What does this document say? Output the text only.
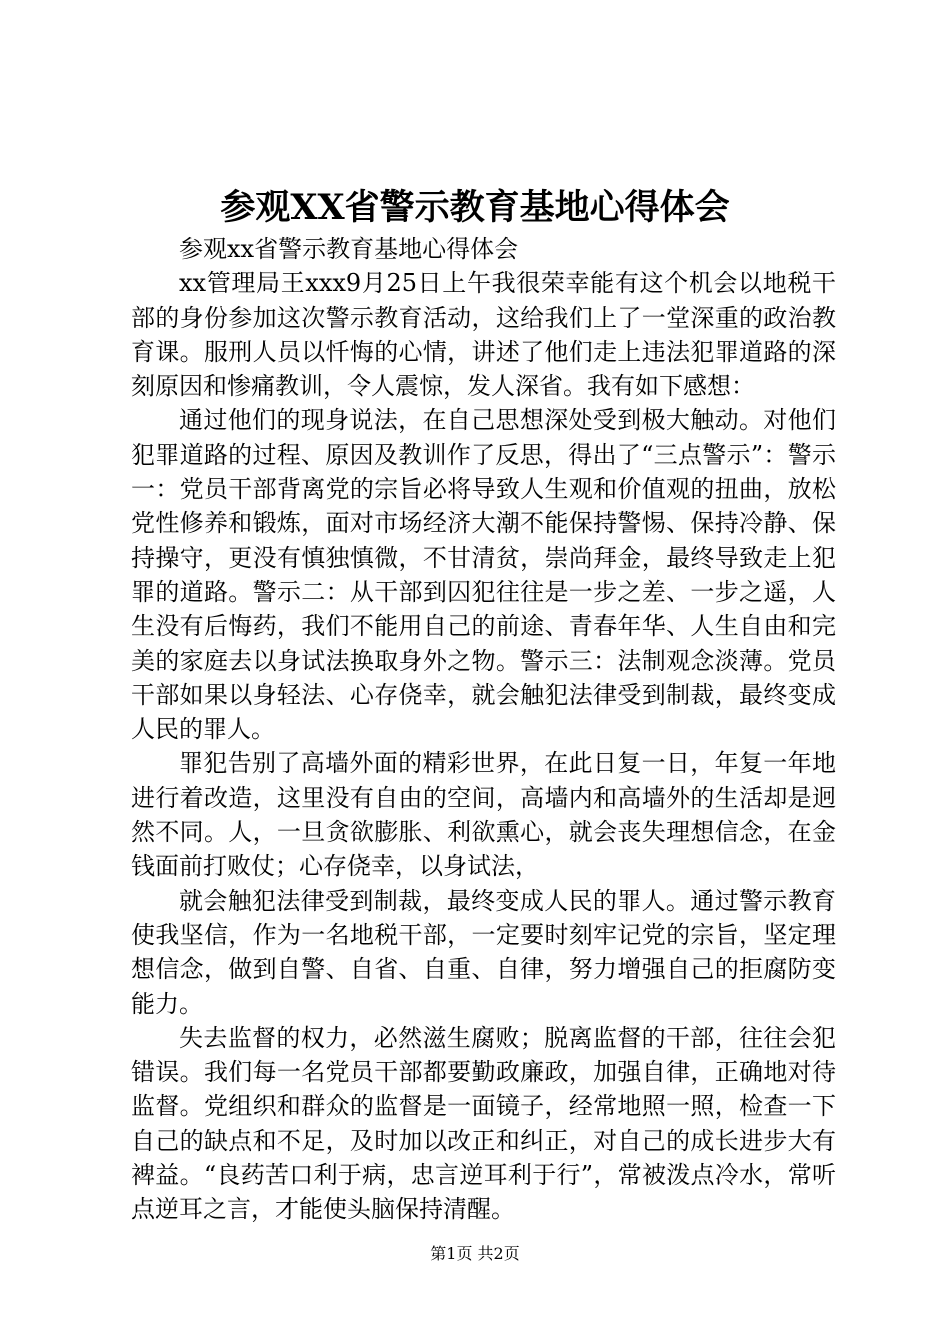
参观XX省警示教育基地心得体会

参观xx省警示教育基地心得体会

xx管理局王xxx9月25日上午我很荣幸能有这个机会以地税干部的身份参加这次警示教育活动，这给我们上了一堂深重的政治教育课。服刑人员以忏悔的心情，讲述了他们走上违法犯罪道路的深刻原因和惨痛教训，令人震惊，发人深省。我有如下感想：

通过他们的现身说法，在自己思想深处受到极大触动。对他们犯罪道路的过程、原因及教训作了反思，得出了“三点警示”：警示一：党员干部背离党的宗旨必将导致人生观和价值观的扭曲，放松党性修养和锻炼，面对市场经济大潮不能保持警惕、保持冷静、保持操守，更没有慎独慎微，不甘清贫，崇尚拜金，最终导致走上犯罪的道路。警示二：从干部到囚犯往往是一步之差、一步之遥，人生没有后悔药，我们不能用自己的前途、青春年华、人生自由和完美的家庭去以身试法换取身外之物。警示三：法制观念淡薄。党员干部如果以身轻法、心存侥幸，就会触犯法律受到制裁，最终变成人民的罪人。

罪犯告别了高墙外面的精彩世界，在此日复一日，年复一年地进行着改造，这里没有自由的空间，高墙内和高墙外的生活却是迥然不同。人，一旦贪欲膨胀、利欲熏心，就会丧失理想信念，在金钱面前打败仗；心存侥幸，以身试法，

就会触犯法律受到制裁，最终变成人民的罪人。通过警示教育使我坚信，作为一名地税干部，一定要时刻牢记党的宗旨，坚定理想信念，做到自警、自省、自重、自律，努力增强自己的拒腐防变能力。

失去监督的权力，必然滋生腐败；脱离监督的干部，往往会犯错误。我们每一名党员干部都要勤政廉政，加强自律，正确地对待监督。党组织和群众的监督是一面镜子，经常地照一照，检查一下自己的缺点和不足，及时加以改正和纠正，对自己的成长进步大有裨益。“良药苦口利于病，忠言逆耳利于行”，常被泼点冷水，常听点逆耳之言，才能使头脑保持清醒。

第1页 共2页
